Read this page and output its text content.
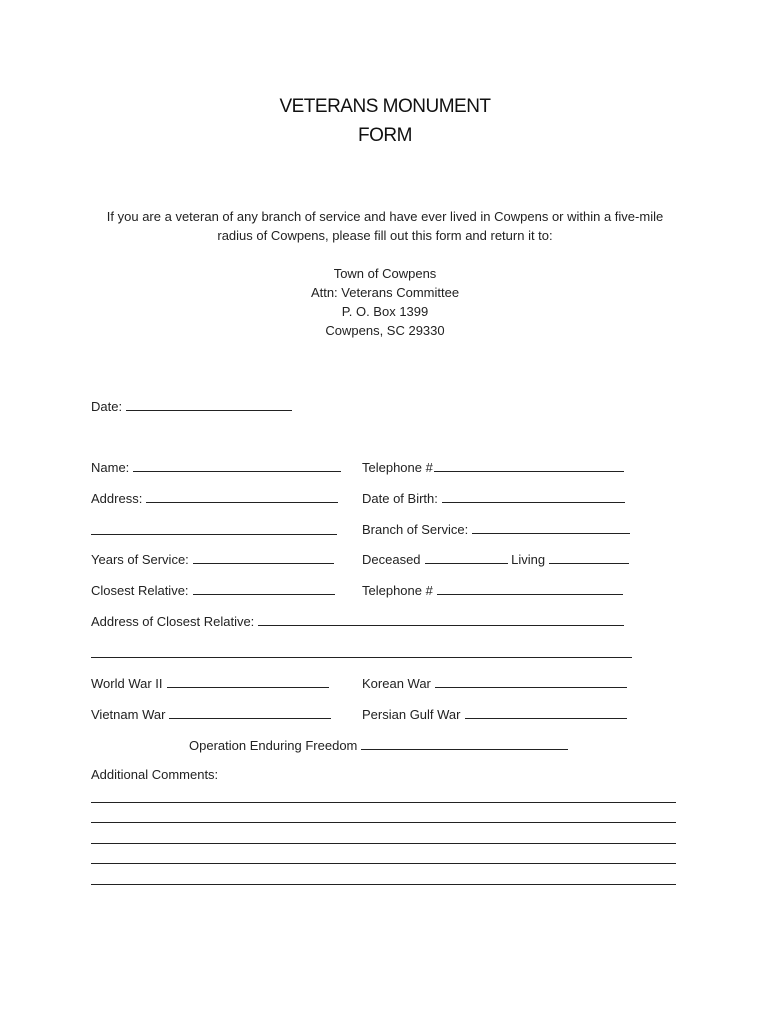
VETERANS MONUMENT
FORM
If you are a veteran of any branch of service and have ever lived in Cowpens or within a five-mile
radius of Cowpens, please fill out this form and return it to:
Town of Cowpens
Attn: Veterans Committee
P. O. Box 1399
Cowpens, SC 29330
Date:
Name:	Telephone #
Address:	Date of Birth:
Branch of Service:
Years of Service:	Deceased	Living
Closest Relative:	Telephone #
Address of Closest Relative:
World War II	Korean War
Vietnam War	Persian Gulf War
Operation Enduring Freedom
Additional Comments:
